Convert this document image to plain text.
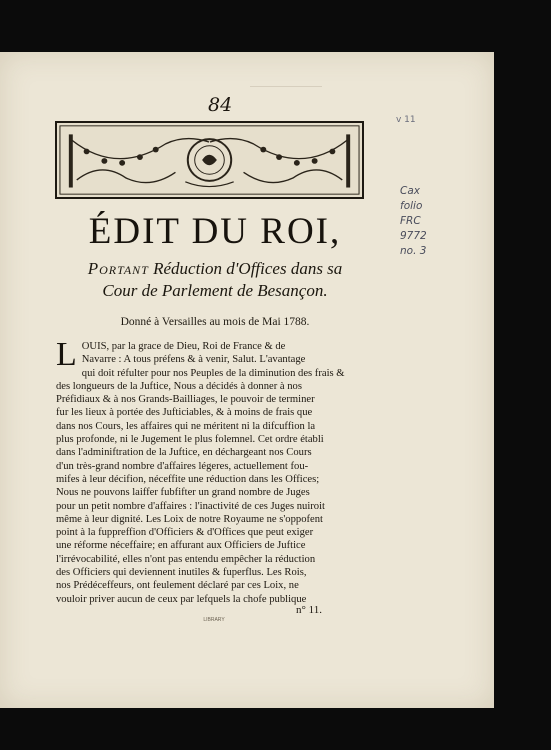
84
v 11
ÉDIT DU ROI,

Portant Réduction d'Offices dans sa
Cour de Parlement de Besançon.

Donné à Versailles au mois de Mai 1788.

L OUIS, par la grace de Dieu, Roi de France & de
Navarre : A tous préfens & à venir, Salut. L'avantage
qui doit réfulter pour nos Peuples de la diminution des frais &
des longueurs de la Juftice, Nous a décidés à donner à nos
Préfidiaux & à nos Grands-Bailliages, le pouvoir de terminer
fur les lieux à portée des Jufticiables, & à moins de frais que
dans nos Cours, les affaires qui ne méritent ni la difcuffion la
plus profonde, ni le Jugement le plus folemnel. Cet ordre établi
dans l'adminiftration de la Juftice, en déchargeant nos Cours
d'un très-grand nombre d'affaires légeres, actuellement fou-
mifes à leur décifion, néceffite une réduction dans les Offices;
Nous ne pouvons laiffer fubfifter un grand nombre de Juges
pour un petit nombre d'affaires : l'inactivité de ces Juges nuiroit
même à leur dignité. Les Loix de notre Royaume ne s'oppofent
point à la fuppreffion d'Officiers & d'Offices que peut exiger
une réforme néceffaire; en affurant aux Officiers de Juftice
l'irrévocabilité, elles n'ont pas entendu empêcher la réduction
des Officiers qui deviennent inutiles & fuperflus. Les Rois,
nos Prédéceffeurs, ont feulement déclaré par ces Loix, ne
vouloir priver aucun de ceux par lefquels la chofe publique
n° 11.
LIBRARY
Cax
folio
FRC
9772
no. 3
